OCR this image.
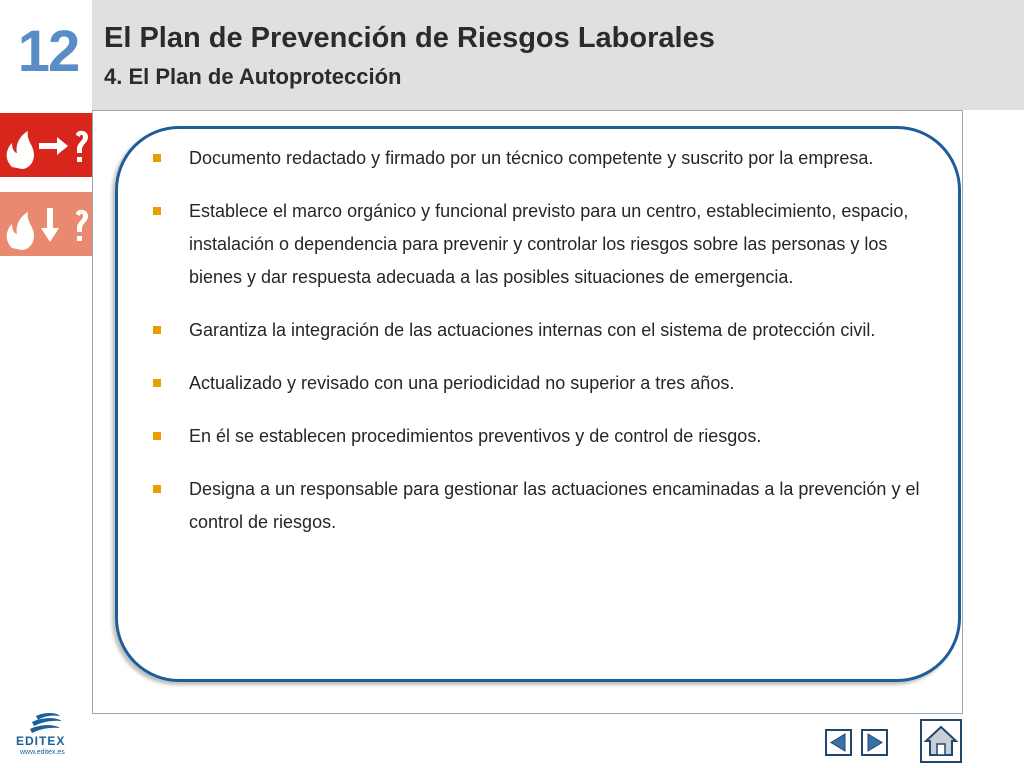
12 El Plan de Prevención de Riesgos Laborales
4. El Plan de Autoprotección
Documento redactado y firmado por un técnico competente y suscrito por la empresa.
Establece el marco orgánico y funcional previsto para un centro, establecimiento, espacio, instalación o dependencia para prevenir y controlar los riesgos sobre las personas y los bienes y dar respuesta adecuada a las posibles situaciones de emergencia.
Garantiza la integración de las actuaciones internas con el sistema de protección civil.
Actualizado y revisado con una periodicidad no superior a tres años.
En él se establecen procedimientos preventivos y de control de riesgos.
Designa a un responsable para gestionar las actuaciones encaminadas a la prevención y el control de riesgos.
EDITEX
www.editex.es
